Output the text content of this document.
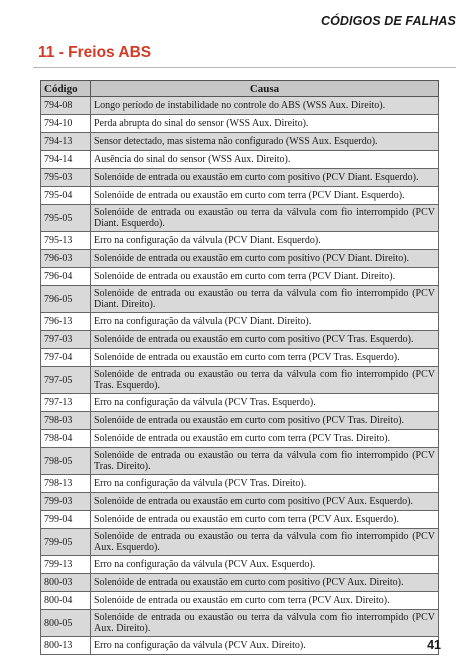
CÓDIGOS DE FALHAS
11 - Freios ABS
Código	Causa
794-08	Longo período de instabilidade no controle do ABS (WSS Aux. Direito).
794-10	Perda abrupta do sinal do sensor (WSS Aux. Direito).
794-13	Sensor detectado, mas sistema não configurado (WSS Aux. Esquerdo).
794-14	Ausência do sinal do sensor (WSS Aux. Direito).
795-03	Solenóide de entrada ou exaustão em curto com positivo (PCV Diant. Esquerdo).
795-04	Solenóide de entrada ou exaustão em curto com terra (PCV Diant. Esquerdo).
795-05	Solenóide de entrada ou exaustão ou terra da válvula com fio interrompido (PCV Diant. Esquerdo).
795-13	Erro na configuração da válvula (PCV Diant. Esquerdo).
796-03	Solenóide de entrada ou exaustão em curto com positivo (PCV Diant. Direito).
796-04	Solenóide de entrada ou exaustão em curto com terra (PCV Diant. Direito).
796-05	Solenóide de entrada ou exaustão ou terra da válvula com fio interrompido (PCV Diant. Direito).
796-13	Erro na configuração da válvula (PCV Diant. Direito).
797-03	Solenóide de entrada ou exaustão em curto com positivo (PCV Tras. Esquerdo).
797-04	Solenóide de entrada ou exaustão em curto com terra (PCV Tras. Esquerdo).
797-05	Solenóide de entrada ou exaustão ou terra da válvula com fio interrompido (PCV Tras. Esquerdo).
797-13	Erro na configuração da válvula (PCV Tras. Esquerdo).
798-03	Solenóide de entrada ou exaustão em curto com positivo (PCV Tras. Direito).
798-04	Solenóide de entrada ou exaustão em curto com terra (PCV Tras. Direito).
798-05	Solenóide de entrada ou exaustão ou terra da válvula com fio interrompido (PCV Tras. Direito).
798-13	Erro na configuração da válvula (PCV Tras. Direito).
799-03	Solenóide de entrada ou exaustão em curto com positivo (PCV Aux. Esquerdo).
799-04	Solenóide de entrada ou exaustão em curto com terra (PCV Aux. Esquerdo).
799-05	Solenóide de entrada ou exaustão ou terra da válvula com fio interrompido (PCV Aux. Esquerdo).
799-13	Erro na configuração da válvula (PCV Aux. Esquerdo).
800-03	Solenóide de entrada ou exaustão em curto com positivo (PCV Aux. Direito).
800-04	Solenóide de entrada ou exaustão em curto com terra (PCV Aux. Direito).
800-05	Solenóide de entrada ou exaustão ou terra da válvula com fio interrompido (PCV Aux. Direito).
800-13	Erro na configuração da válvula (PCV Aux. Direito).	41
